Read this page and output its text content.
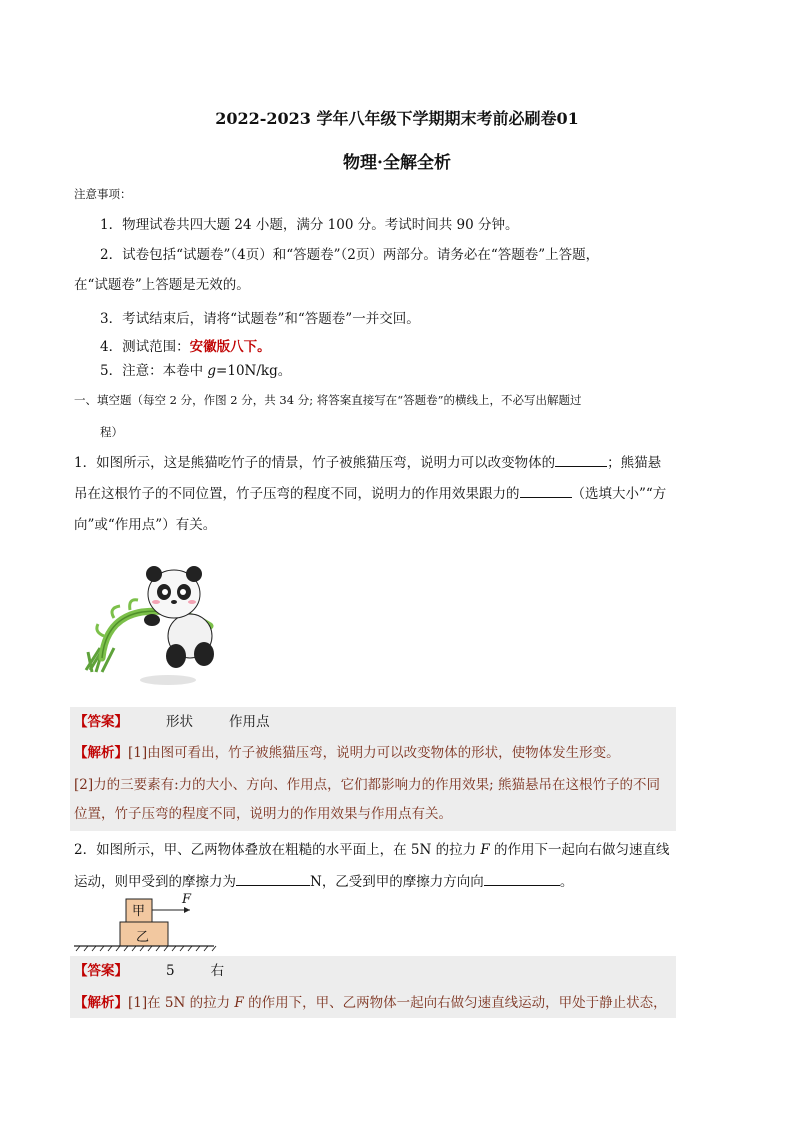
2022-2023 学年八年级下学期期末考前必刷卷01
物理·全解全析
注意事项：
1．物理试卷共四大题 24 小题，满分 100 分。考试时间共 90 分钟。
2．试卷包括“试题卷”（4页）和“答题卷”（2页）两部分。请务必在“答题卷”上答题，
在“试题卷”上答题是无效的。
3．考试结束后，请将“试题卷”和“答题卷”一并交回。
4．测试范围：安徽版八下。
5．注意：本卷中 g=10N/kg。
一、填空题（每空 2 分，作图 2 分，共 34 分; 将答案直接写在“答题卷”的横线上，不必写出解题过
程）
1．如图所示，这是熊猫吃竹子的情景，竹子被熊猫压弯，说明力可以改变物体的	；熊猫悬
吊在这根竹子的不同位置，竹子压弯的程度不同，说明力的作用效果跟力的	（选填大小”“方
向”或“作用点”）有关。
【答案】	形状	作用点
【解析】[1]由图可看出，竹子被熊猫压弯，说明力可以改变物体的形状，使物体发生形变。
[2]力的三要素有:力的大小、方向、作用点，它们都影响力的作用效果; 熊猫悬吊在这根竹子的不同
位置，竹子压弯的程度不同，说明力的作用效果与作用点有关。
2．如图所示，甲、乙两物体叠放在粗糙的水平面上，在 5N 的拉力 F 的作用下一起向右做匀速直线
运动，则甲受到的摩擦力为	N，乙受到甲的摩擦力方向向	。
甲
乙
F
【答案】	5	右
【解析】[1]在 5N 的拉力 F 的作用下，甲、乙两物体一起向右做匀速直线运动，甲处于静止状态，
